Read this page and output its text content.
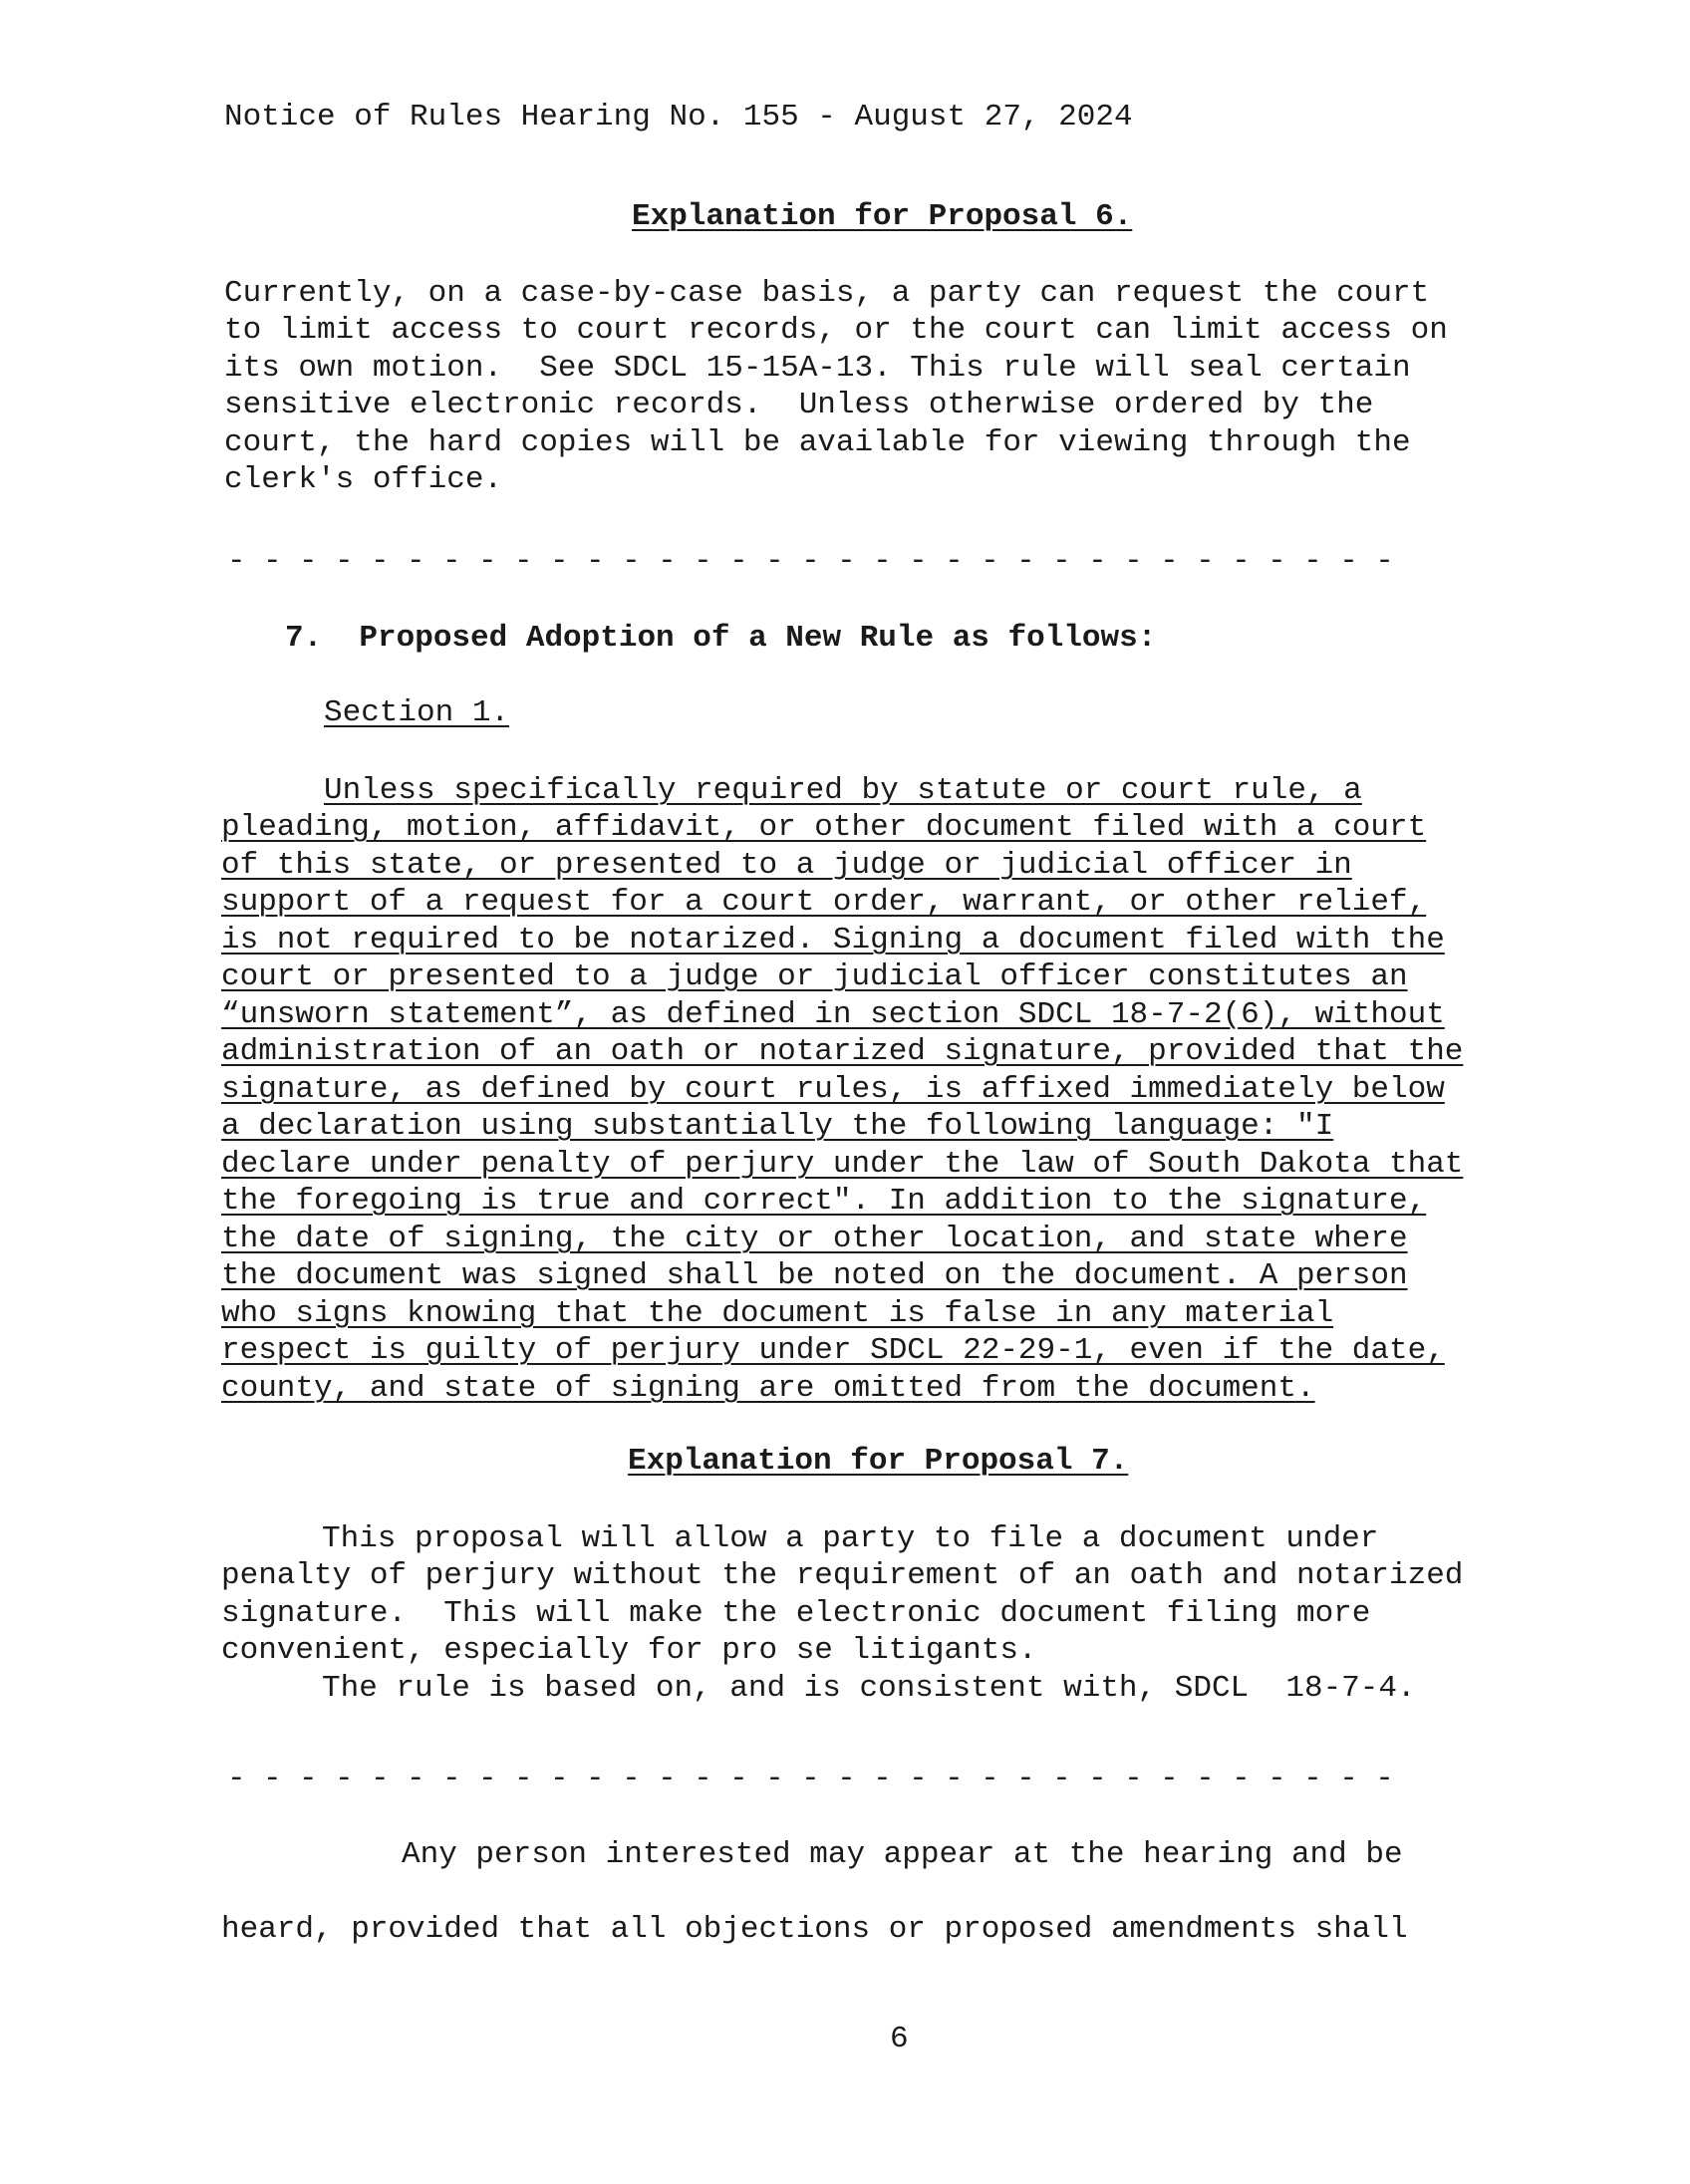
Notice of Rules Hearing No. 155 - August 27, 2024
Explanation for Proposal 6.
Currently, on a case-by-case basis, a party can request the court
to limit access to court records, or the court can limit access on
its own motion.  See SDCL 15-15A-13. This rule will seal certain
sensitive electronic records.  Unless otherwise ordered by the
court, the hard copies will be available for viewing through the
clerk's office.
- - - - - - - - - - - - - - - - - - - - - - - - - - - - - - - - -
7.  Proposed Adoption of a New Rule as follows:
Section 1.
Unless specifically required by statute or court rule, a
pleading, motion, affidavit, or other document filed with a court
of this state, or presented to a judge or judicial officer in
support of a request for a court order, warrant, or other relief,
is not required to be notarized. Signing a document filed with the
court or presented to a judge or judicial officer constitutes an
“unsworn statement”, as defined in section SDCL 18-7-2(6), without
administration of an oath or notarized signature, provided that the
signature, as defined by court rules, is affixed immediately below
a declaration using substantially the following language: "I
declare under penalty of perjury under the law of South Dakota that
the foregoing is true and correct". In addition to the signature,
the date of signing, the city or other location, and state where
the document was signed shall be noted on the document. A person
who signs knowing that the document is false in any material
respect is guilty of perjury under SDCL 22-29-1, even if the date,
county, and state of signing are omitted from the document.
Explanation for Proposal 7.
This proposal will allow a party to file a document under
penalty of perjury without the requirement of an oath and notarized
signature.  This will make the electronic document filing more
convenient, especially for pro se litigants.
The rule is based on, and is consistent with, SDCL  18-7-4.
- - - - - - - - - - - - - - - - - - - - - - - - - - - - - - - - -
Any person interested may appear at the hearing and be
heard, provided that all objections or proposed amendments shall
6
